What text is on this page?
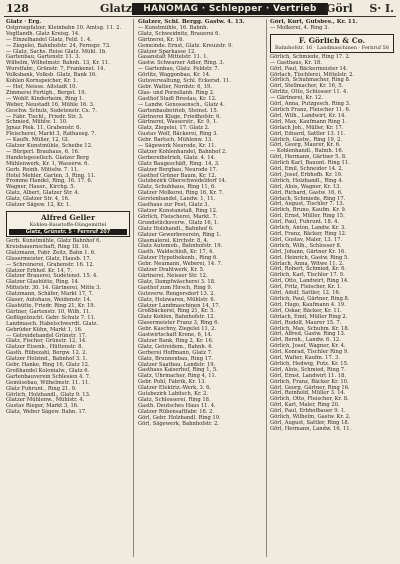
128	Glatz	HANOMAG · Schlepper · Vertrieb Görl S· I.

Glatz · Erg.

Ostproepfalzer, Kleinbahn 10. Amtsg. 11. 2.

Vogtlandh. Glatz Kreisg. 14.

— Einzelhandel Glatz, Feld. 1. 4.

— Ziegelei, Bahnhofstr. 24, Fernspr. 73.

— Glatz, Sachs. Reise Glatz. Mühl. 1b.

Gartenbau, Gartenstr. 11. 3.

Wilhelm, Wilhelmstr. Bahnh. 13, Kr. 11.

Wurstfabr., Grünstr. 7, Frankenst. 14.

Volksbank, Volksb. Glatz, Bank 16.

Kohlen Kornspeicher, Kr. 1.

— Hof, Neisse. Altstadt 10.

Zimmerei Fertigh., Bergst. 19.

— Wohlf. Kinderheim, Ring 1.

Weber, Neustadt 16, Mühle 16. 3.

Geschw. Schulz, Sudetenstr. Cx. 7.

— Fabr. Tischl., Friedr. Str. 3.

Schmied, Mühlw. 1. 10.

Jgnaz Piek. 11, Grabenstr. 6.

Fleischerei, Markt 3, Rathausg. 7.

— Kaufh. Müller, 12, Gl.

Glatzer Kunstmühle, Scheibe 12.

— Bürgerl. Brauhaus, 6. 16.

Handelsgesellsch. Glatzer Berg

Mühlenwerk, Kr. 1, Wasserw. 6.

Gerb. Reinh. Mittelw. 7. 11.

Hotel Mehler, Garten, 3, Ring. 11.

Fromme Handel, Ring, 16. 17. 6.

Wagner, Hausr., Kirchg. 5.

Glatz, Albert, Glatzer Str. 4.

Glatz, Glatzer Str. 4, 16.

Glatzer Sägew. 12, Kr. 1.

Alfred Geller
Kohlen-Baustoffe-Düngemittel
Glatz, Grünstr. 5 · Fernruf 207

Gerb. Kunstmühle, Glatz Bahnhof 6.

Kreisbauernschaft, Ring 18. 10.

Glatzmann, Fabr. Zeitz, Bahn 1. 6.

Glasermeister, Glatz, Hausb. 17.

— Schreinerei, Grabenstr. 16. 12.

Glatzer Erbhof. Kr. 14, 7.

Glatzer Brauerei, Sudetenst. 15. 4.

Glatzer Glashütte, Ring. 14.

Mittelstr. 30. 14. Gärtnerei, Mitte 3.

Glatzmann, Schäfer, Markt 17, 7.

Glaser, Autohaus, Weidenstr. 14.

Glashütte, Friedr. Ring 21, Kr. 19.

Gärtner, Gartenstr. 10, Wilh. 11.

Geflügelzucht. Gebr. Schulz 7. 11.

Landmasch. Habelschwerdt. Glatz.

Gebrüder Kühn, Markt 1, 16.

— Getreidehandel Grünstr. 17.

Glatz, Fischer, Grünstr. 12, 14.

Glatzer Eisenh., Hüttenstr. 8.

Gasth. Rübezahl, Bergw. 12. 2.

Glatzer Holzind., Bahnhof 3. 1.

Gebr. Hanke, Ring 16, Glatz 12.

Großhandel Kolonialw., Glatz 6.

Gartenbauverein Schlesien 4. 7.

Gemüsebau, Wilhelmstr. 11. 11.

Glatz Fuhrunt., Ring 21. 9.

Görlich, Holzhandl., Glatz 9. 13.

Glatzer Mühlenw., Mühlstr. 4.

Gustav Rieger, Markt 3, 16.

Glatz, Weber Sägew. Bahn. 17.

Glatzer, Schl. Bergg. Gastw. 4. 13.

— Kunstmühle, 16. Bahnh.

Glatz, Schweidnitz, Brauerei 6.

Gärtnerei, Kr. 16.

Gemeinde. Ernst, Glatz. Kreuzstr. 9.

Glatzer Sparkasse 12.

Gasanstalt Mittelstr. 11. 1.

Gastw. Schwarzer Adler, Ring. 3.

— Gartenbau, Glatz. Feldstr. 7.

Görlitz, Waggonbau, Kr. 14.

Gutsverwaltung, Schl. Eckersd. 11.

Gebr. Walter, Nordstr. 6, 19.

Glas- und Porzellanh. Ring 2.

Gasthof Stadt Breslau, Kr. 12.

— Landw. Genossensch., Glatz 4.

Gartenbaubetrieb, Steinst. 15.

Gärtnerei Kluge, Friedhofstr. 6.

Gärtnerei, Wasserstr., Kr. 9, 1.

Glatz, Ziegelei, 17. Glatz 2.

Gustav Wolf, Bäckerei, Ring 3.

Gebr. Bartsch, Mühlenw. 13.

— Sägewerk Neurode, Kr. 11.

Glatzer Kohlenhandel, Bahnhof 2.

Gerbereibetrieb, Glatz. 4. 14.

Glatz Baugeschäft, Ring. 14, 3.

Glatzer Bergbau, Neurode 17.

Gasthof Grüner Baum, Kr. 12.

Gutsbezirk Oberschwedeldorf 14.

Glatz, Schuhhaus, Ring 11, 6.

Glatzer Molkerei, Ring 16, Kr. 7.

Gerstenhandel, Landw. 1, 11.

Gasthaus zur Post, Glatz 3.

Glatzer Kunstanstalt, Ring 12.

Görlich, Fleischerei, Markt. 7.

Grundstücksverw., Glatz 16, 1.

Glatz Holzhandl., Bahnhof 6.

Glatzer Gewerbeverein, Ring 1.

Glasmalerei, Kirchstr. 8, 4.

Glatz Automob., Bahnhofstr. 19.

Gasth. Waldschloß, Kr. 17, 4.

Glatzer Hypothekenb., Ring 6.

Gebr. Neumann, Weberei, 14. 7.

Glatzer Drahtwerk, Kr. 5.

Gärtnerei, Neisser Str. 12.

Glatz, Dampfwäscherei 3. 18.

Gasthof zum Hirsch, Ring 9.

Gutsverw. Rengersdorf 13. 2.

Glatz, Holzwaren, Mühlstr. 6.

Glatzer Landmaschinen 14, 17.

Großbäckerei, Ring 21, Kr. 5.

Glatz Kohlen, Bahnhofstr. 12.

Glasermeister Franz 3, Ring 6.

Gebr. Kaschny, Ziegelei 11, 2.

Gastwirtschaft Krone, 6, 14.

Glatzer Bank, Ring 2, Kr. 16.

Glatz, Getreidem., Bahnh. 4.

Gerberei Hoffmann, Glatz 7.

Glatz, Brunnenbau, Ring 17.

Glatzer Saatbau, Landstr. 19.

Gasthaus Kaiserhof, Ring 1, 5.

Glatz, Uhrmacher, Ring 4, 11.

Gebr. Pohl, Fabrik, Kr. 13.

Glatzer Elektriz.-Werk, 3. 6.

Gutsbezirk Labitsch, Kr. 2.

Glatz, Schlosserei, Ring 18.

Gasth. Deutsches Haus 11. 4.

Glatzer Rübensaftfabr. 16. 2.

Görl, Gebr. Holzhandl. Ring 19.

Görl, Sägewerk, Bahnhofstr. 2.

Görl, Kurt, Gutsbes., Kr. 11.

— Molkerei, 4. Ring 3.

F. Görlich & Co.
Bahnhofstr. 16 · Landmaschinen · Fernruf 58

Görlich, Schmiede, Ring 17. 2.

— Gasthaus, Kr. 18.

Görl, Paul, Bäckermeister 14.

Görlach, Tischlerei, Mittelstr. 2.

Görlich, Schuhmacher, Ring 8.

Görl, Stellmacher, Kr. 16, 5.

Görlitz, Otto, Schlosser 11. 4.

— Gärtnerei, Kr. 12.

Görl, Anna, Putzgesch. Ring 3.

Görlich Franz, Fleischer 11. 6.

Görl, Wilh., Landwirt, Kr. 14.

Görl, Max, Kaufmann Ring 1.

Görlach Joh., Müller, Kr. 17.

Görl, Eduard, Sattler 13. 11.

Görlich, Gastw., Ring 19, 2.

Görl, Georg, Maurer, Kr. 6.

— Kohlenhandl., Bahnh. 16.

Görl, Hermann, Gärtner 5. 8.

Görlich Karl, Bauunt. Ring 11.

Görl, Emil, Schneider 14. 2.

Görl, Josef, Erbhofb. Kr. 19.

Görlich, Holzhandl., Ring 4.

Görl, Alois, Wagner, Kr. 13.

Görl, Richard, Gastw. 16, 6.

Görlach, Schmiede, Ring 17.

Görl, August, Tischler 7. 13.

Görlich, Bruno, Kaufm. Kr. 9.

Görl, Ernst, Müller, Ring 15.

Görl, Paul, Fuhrunt. 18. 4.

Görlich, Anton, Landw. Kr. 3.

Görl, Franz, Bäcker, Ring 12.

Görl, Gustav, Maler, 13. 17.

Görlich, Wilh., Schlosser 8.

Görl, Johann, Gärtner Kr. 16.

Görl, Heinrich, Gastw. Ring 5.

Görlach, Anna, Witwe 11. 2.

Görl, Robert, Schmied, Kr. 6.

Görlich, Karl, Tischler 17. 9.

Görl, Otto, Landwirt, Ring 14.

Görl, Fritz, Fleischer, Kr. 1.

Görl, Adolf, Sattler, 12. 16.

Görlich, Paul, Gärtner, Ring 8.

Görl, Hugo, Kaufmann 4. 19.

Görl, Oskar, Bäcker, Kr. 11.

Görlach, Emil, Müller Ring 2.

Görl, Rudolf, Maurer 15. 7.

Görlich, Max, Schuhm. Kr. 18.

Görl, Alfred, Gastw. Ring 13.

Görl, Bernh., Landw. 6. 12.

Görlich, Josef, Wagner, Kr. 4.

Görl, Konrad, Tischler Ring 9.

Görl, Walter, Kaufm. 17. 3.

Görlich, Hedwig, Putz. Kr. 15.

Görl, Alois, Schmied, Ring 7.

Görl, Ernst, Landwirt 11. 18.

Görlich, Franz, Bäcker Kr. 10.

Görl, Georg, Gärtner, Ring 16.

Görl, Reinhold, Müller 3. 14.

Görlich, Otto, Fleischer, Kr. 8.

Görl, Karl, Maler, Ring 20.

Görl, Paul, Erbhofbauer 9. 1.

Görlich, Wilhelm, Gastw. Kr. 2.

Görl, August, Sattler, Ring 18.

Görl, Hermann, Landw. 16. 11.
